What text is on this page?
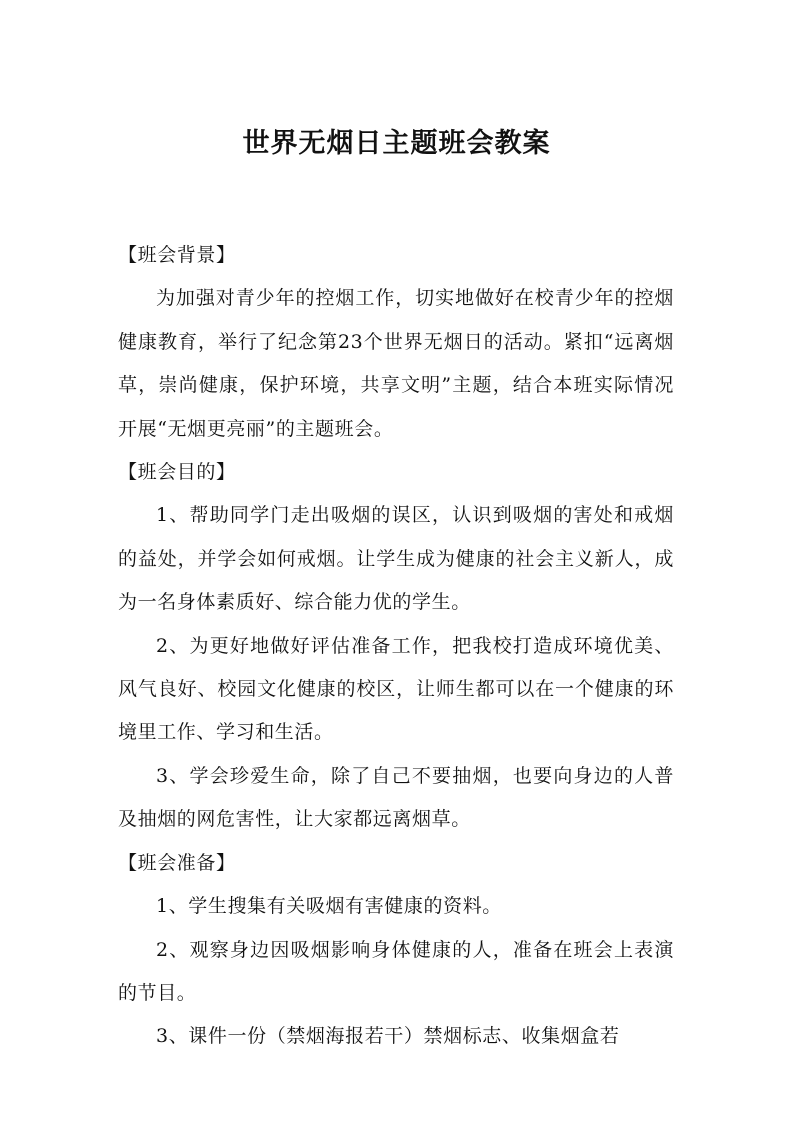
世界无烟日主题班会教案

【班会背景】

为加强对青少年的控烟工作，切实地做好在校青少年的控烟健康教育，举行了纪念第23个世界无烟日的活动。紧扣“远离烟草，崇尚健康，保护环境，共享文明”主题，结合本班实际情况开展“无烟更亮丽”的主题班会。

【班会目的】

1、帮助同学门走出吸烟的误区，认识到吸烟的害处和戒烟的益处，并学会如何戒烟。让学生成为健康的社会主义新人，成为一名身体素质好、综合能力优的学生。

2、为更好地做好评估准备工作，把我校打造成环境优美、风气良好、校园文化健康的校区，让师生都可以在一个健康的环境里工作、学习和生活。

3、学会珍爱生命，除了自己不要抽烟，也要向身边的人普及抽烟的网危害性，让大家都远离烟草。

【班会准备】

1、学生搜集有关吸烟有害健康的资料。

2、观察身边因吸烟影响身体健康的人，准备在班会上表演的节目。

3、课件一份（禁烟海报若干）禁烟标志、收集烟盒若
